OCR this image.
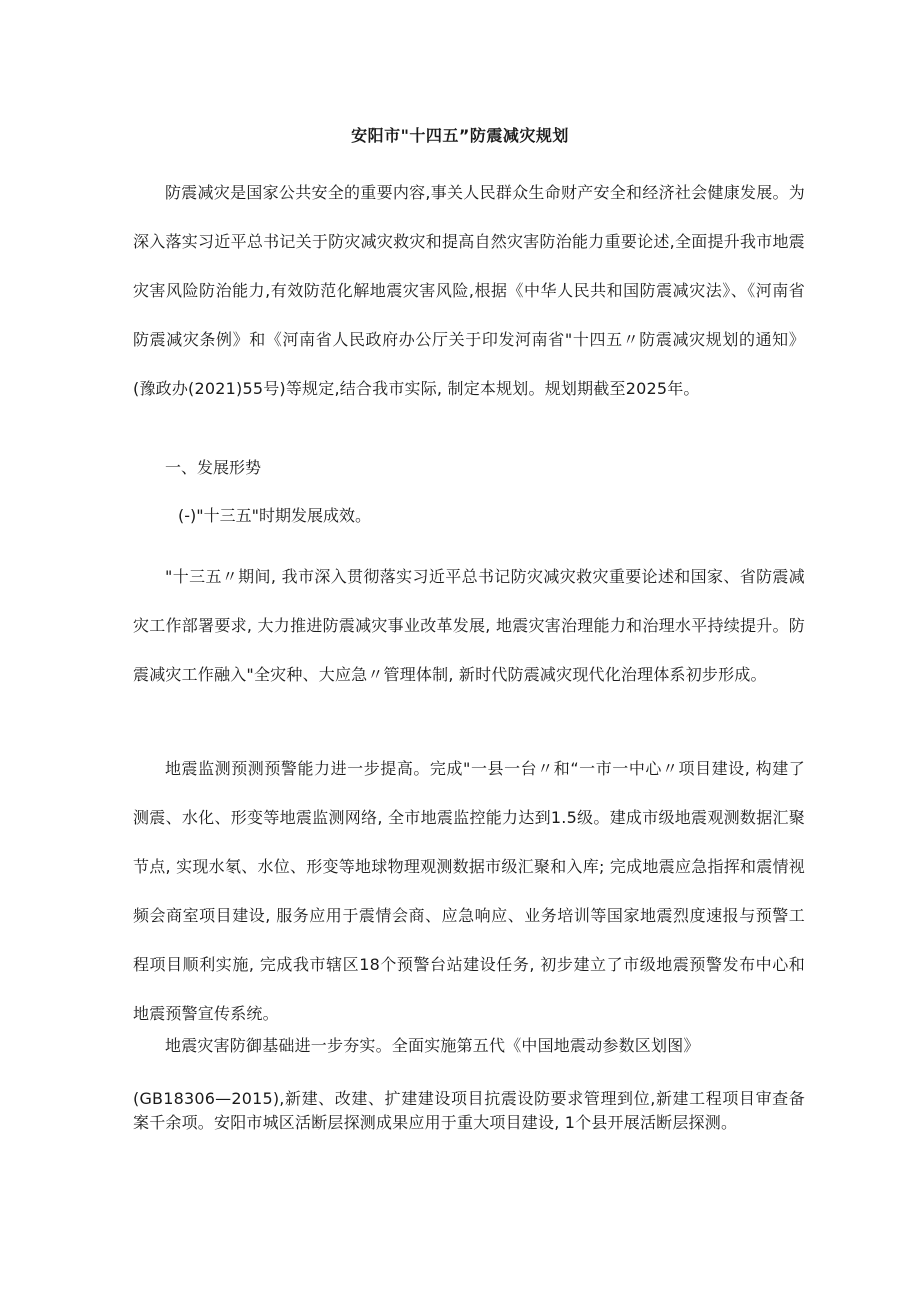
安阳市"十四五”防震减灾规划

防震减灾是国家公共安全的重要内容,事关人民群众生命财产安全和经济社会健康发展。为深入落实习近平总书记关于防灾减灾救灾和提高自然灾害防治能力重要论述,全面提升我市地震灾害风险防治能力,有效防范化解地震灾害风险,根据《中华人民共和国防震减灾法》、《河南省防震减灾条例》和《河南省人民政府办公厅关于印发河南省"十四五〃防震减灾规划的通知》(豫政办(2021)55号)等规定,结合我市实际, 制定本规划。规划期截至2025年。

一、发展形势

(-)"十三五"时期发展成效。

"十三五〃期间, 我市深入贯彻落实习近平总书记防灾减灾救灾重要论述和国家、省防震减灾工作部署要求, 大力推进防震减灾事业改革发展, 地震灾害治理能力和治理水平持续提升。防震减灾工作融入"全灾种、大应急〃管理体制, 新时代防震减灾现代化治理体系初步形成。

地震监测预测预警能力进一步提高。完成"一县一台〃和“一市一中心〃项目建设, 构建了测震、水化、形变等地震监测网络, 全市地震监控能力达到1.5级。建成市级地震观测数据汇聚节点, 实现水氡、水位、形变等地球物理观测数据市级汇聚和入库; 完成地震应急指挥和震情视频会商室项目建设, 服务应用于震情会商、应急响应、业务培训等国家地震烈度速报与预警工程项目顺利实施, 完成我市辖区18个预警台站建设任务, 初步建立了市级地震预警发布中心和地震预警宣传系统。

地震灾害防御基础进一步夯实。全面实施第五代《中国地震动参数区划图》

(GB18306—2015),新建、改建、扩建建设项目抗震设防要求管理到位,新建工程项目审查备案千余项。安阳市城区活断层探测成果应用于重大项目建设, 1个县开展活断层探测。
